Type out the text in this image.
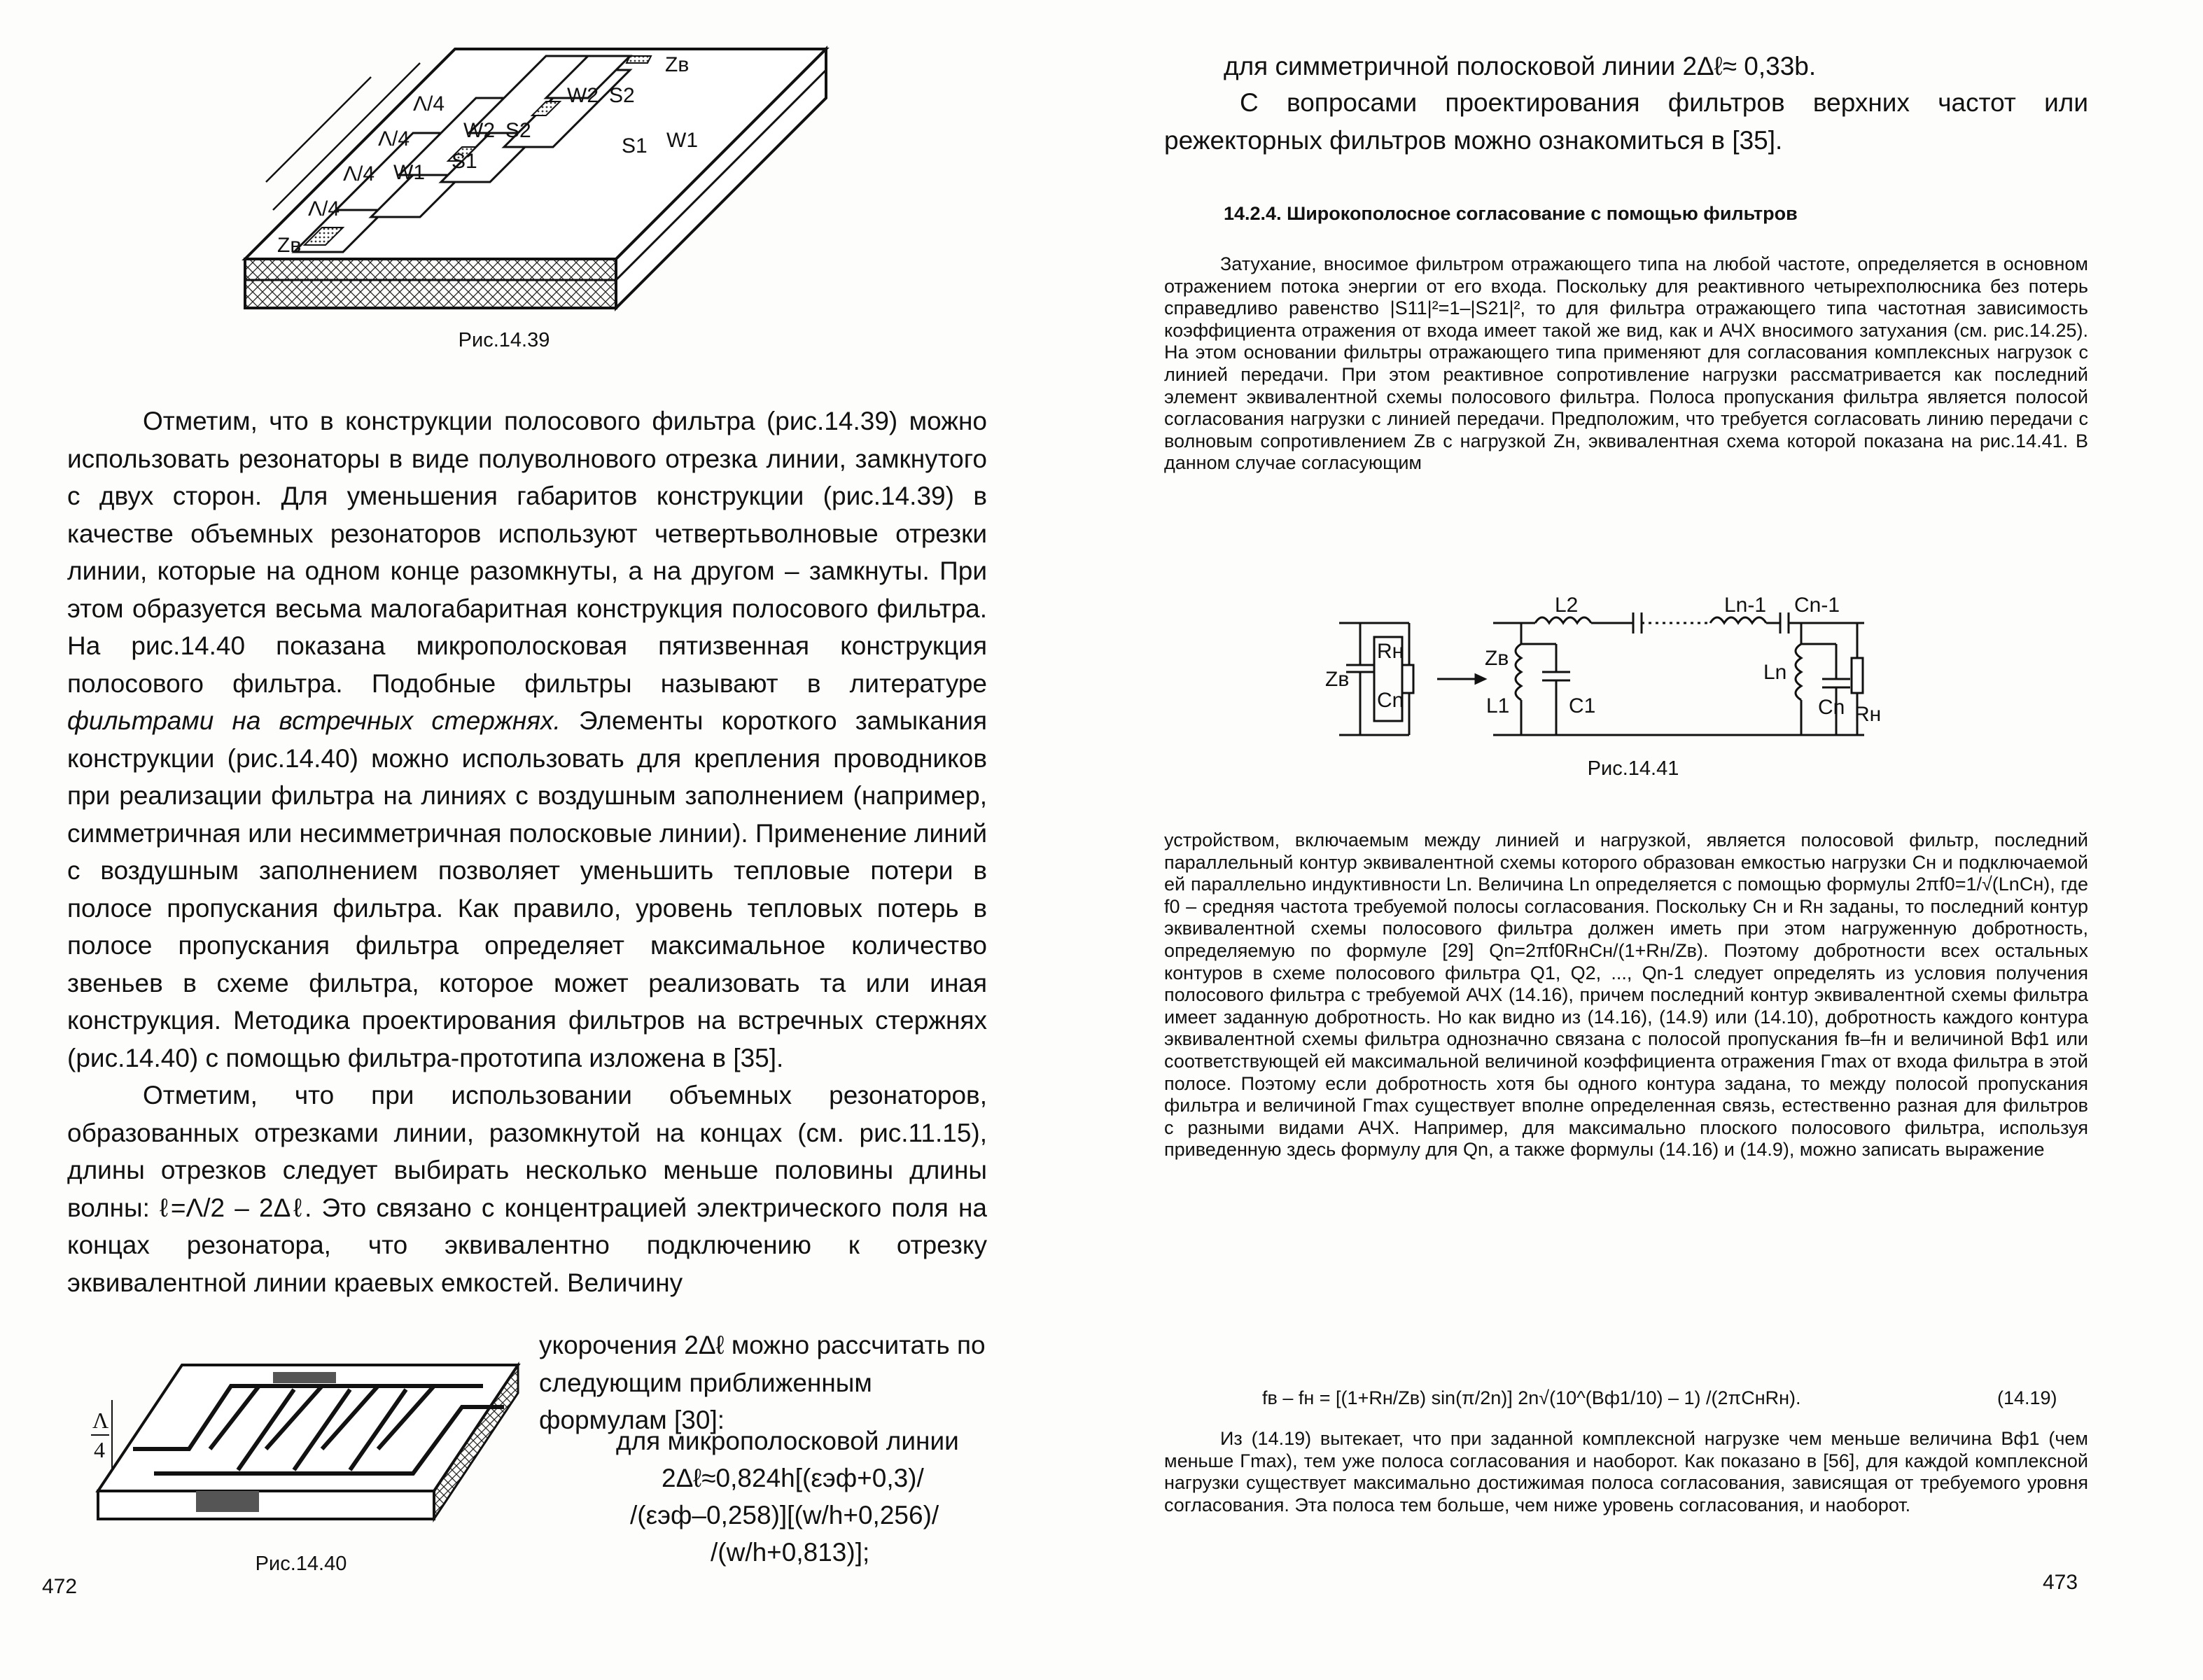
Zв
Zв
Λ/4
Λ/4
Λ/4
Λ/4
W2 S2
S2
W2
S1 W1
S1
W1
Рис.14.39

Отметим, что в конструкции полосового фильтра (рис.14.39) можно использовать резонаторы в виде полуволнового отрезка линии, замкнутого с двух сторон. Для уменьшения габаритов конструкции (рис.14.39) в качестве объемных резонаторов используют четвертьволновые отрезки линии, которые на одном конце разомкнуты, а на другом – замкнуты. При этом образуется весьма малогабаритная конструкция полосового фильтра. На рис.14.40 показана микрополосковая пятизвенная конструкция полосового фильтра. Подобные фильтры называют в литературе фильтрами на встречных стержнях. Элементы короткого замыкания конструкции (рис.14.40) можно использовать для крепления проводников при реализации фильтра на линиях с воздушным заполнением (например, симметричная или несимметричная полосковые линии). Применение линий с воздушным заполнением позволяет уменьшить тепловые потери в полосе пропускания фильтра. Как правило, уровень тепловых потерь в полосе пропускания фильтра определяет максимальное количество звеньев в схеме фильтра, которое может реализовать та или иная конструкция. Методика проектирования фильтров на встречных стержнях (рис.14.40) с помощью фильтра-прототипа изложена в [35].

Отметим, что при использовании объемных резонаторов, образованных отрезками линии, разомкнутой на концах (см. рис.11.15), длины отрезков следует выбирать несколько меньше половины длины волны: ℓ=Λ/2 – 2Δℓ. Это связано с концентрацией электрического поля на концах резонатора, что эквивалентно подключению к отрезку эквивалентной линии краевых емкостей. Величину

Λ
4
Рис.14.40
укорочения 2Δℓ можно рассчитать по следующим приближенным формулам [30]:
для микрополосковой линии
2Δℓ≈0,824h[(εэф+0,3)/
/(εэф–0,258)][(w/h+0,256)/
/(w/h+0,813)];
472
для симметричной полосковой линии 2Δℓ≈ 0,33b.

С вопросами проектирования фильтров верхних частот или режекторных фильтров можно ознакомиться в [35].

14.2.4. Широкополосное согласование с помощью фильтров

Затухание, вносимое фильтром отражающего типа на любой частоте, определяется в основном отражением потока энергии от его входа. Поскольку для реактивного четырехполюсника без потерь справедливо равенство |S11|²=1–|S21|², то для фильтра отражающего типа частотная зависимость коэффициента отражения от входа имеет такой же вид, как и АЧХ вносимого затухания (см. рис.14.25). На этом основании фильтры отражающего типа применяют для согласования комплексных нагрузок с линией передачи. При этом реактивное сопротивление нагрузки рассматривается как последний элемент эквивалентной схемы полосового фильтра. Полоса пропускания фильтра является полосой согласования нагрузки с линией передачи. Предположим, что требуется согласовать линию передачи с волновым сопротивлением Zв с нагрузкой Zн, эквивалентная схема которой показана на рис.14.41. В данном случае согласующим

Zв
Rн
Cn
Zв
L1	C1
L2	Ln-1 Cn-1
Ln
Cn Rн
Рис.14.41

устройством, включаемым между линией и нагрузкой, является полосовой фильтр, последний параллельный контур эквивалентной схемы которого образован емкостью нагрузки Cн и подключаемой ей параллельно индуктивности Ln. Величина Ln определяется с помощью формулы 2πf0=1/√(LnCн), где f0 – средняя частота требуемой полосы согласования. Поскольку Cн и Rн заданы, то последний контур эквивалентной схемы полосового фильтра должен иметь при этом нагруженную добротность, определяемую по формуле [29] Qn=2πf0RнCн/(1+Rн/Zв). Поэтому добротности всех остальных контуров в схеме полосового фильтра Q1, Q2, ..., Qn-1 следует определять из условия получения полосового фильтра с требуемой АЧХ (14.16), причем последний контур эквивалентной схемы фильтра имеет заданную добротность. Но как видно из (14.16), (14.9) или (14.10), добротность каждого контура эквивалентной схемы фильтра однозначно связана с полосой пропускания fв–fн и величиной Bф1 или соответствующей ей максимальной величиной коэффициента отражения Γmax от входа фильтра в этой полосе. Поэтому если добротность хотя бы одного контура задана, то между полосой пропускания фильтра и величиной Γmax существует вполне определенная связь, естественно разная для фильтров с разными видами АЧХ. Например, для максимально плоского полосового фильтра, используя приведенную здесь формулу для Qn, а также формулы (14.16) и (14.9), можно записать выражение

fв – fн = [(1+Rн/Zв) sin(π/2n)] 2n√(10^(Bф1/10) – 1) /(2πCнRн).	(14.19)

Из (14.19) вытекает, что при заданной комплексной нагрузке чем меньше величина Bф1 (чем меньше Γmax), тем уже полоса согласования и наоборот. Как показано в [56], для каждой комплексной нагрузки существует максимально достижимая полоса согласования, зависящая от требуемого уровня согласования. Эта полоса тем больше, чем ниже уровень согласования, и наоборот.

473
